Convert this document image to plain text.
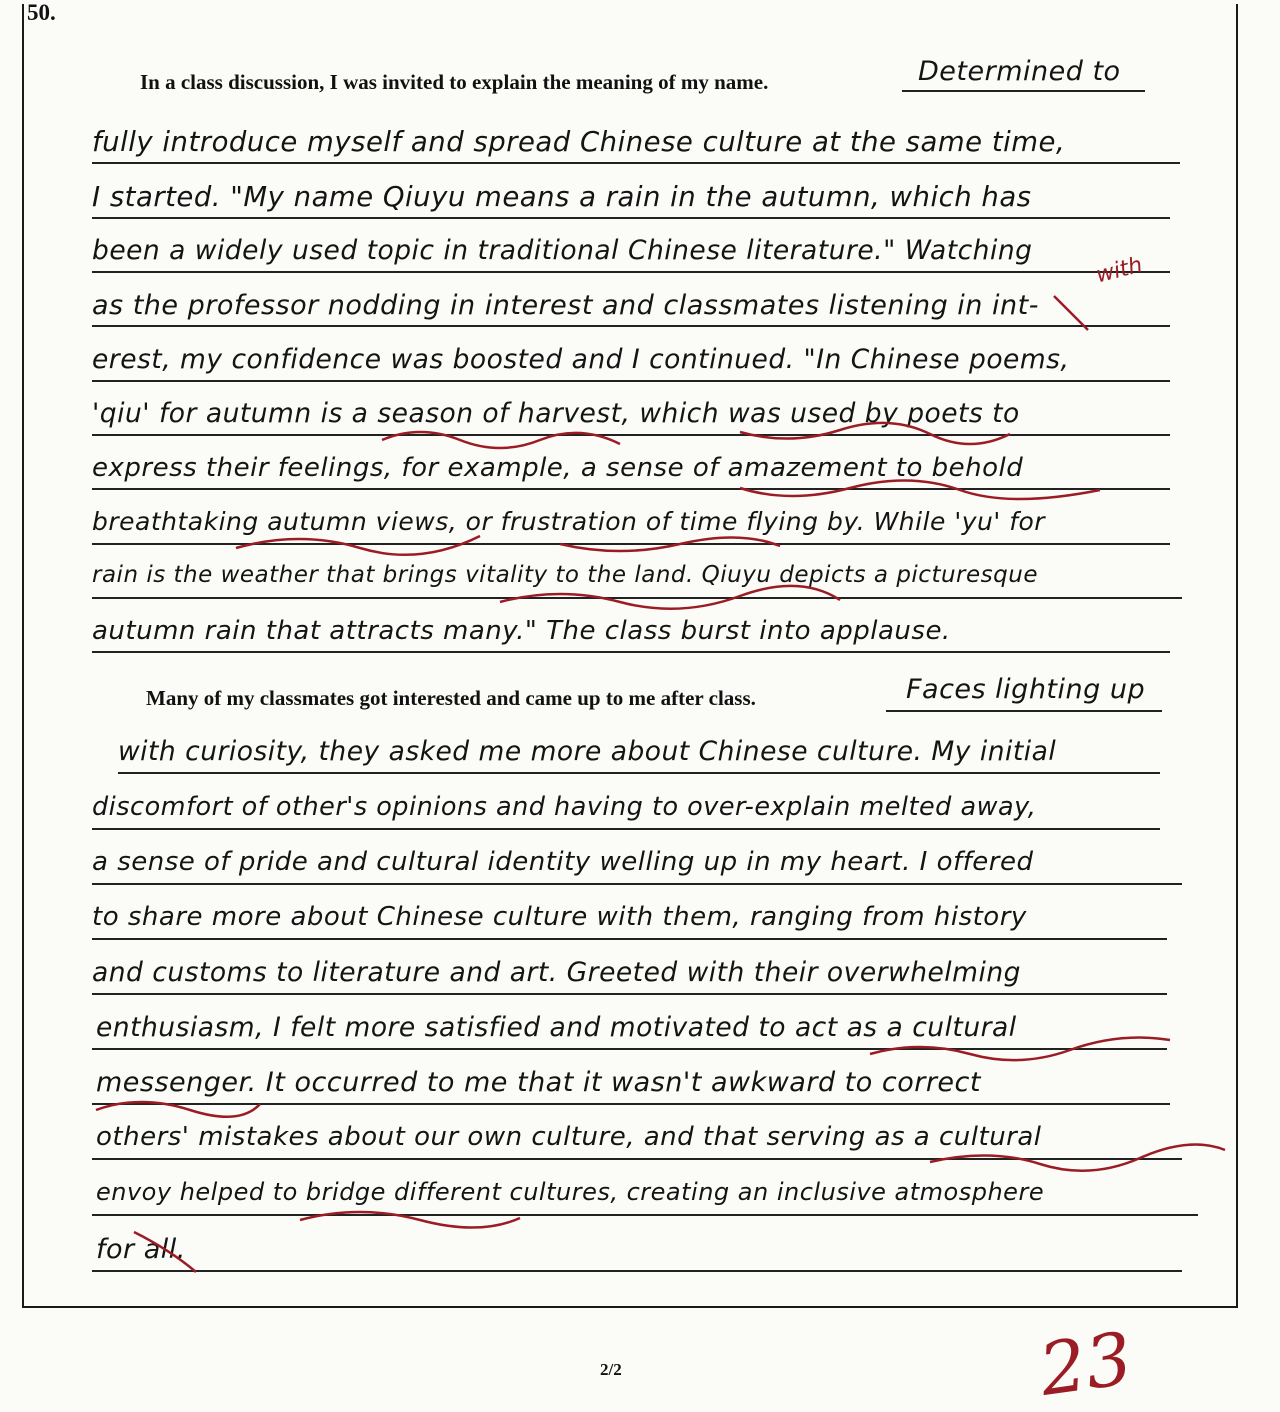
50.
In a class discussion, I was invited to explain the meaning of my name.	Determined to
fully introduce myself and spread Chinese culture at the same time,
I started. "My name Qiuyu means a rain in the autumn, which has
been a widely used topic in traditional Chinese literature." Watching
as the professor nodding in interest and classmates listening in int-
erest, my confidence was boosted and I continued. "In Chinese poems,
'qiu' for autumn is a season of harvest, which was used by poets to
express their feelings, for example, a sense of amazement to behold
breathtaking autumn views, or frustration of time flying by. While 'yu' for
rain is the weather that brings vitality to the land. Qiuyu depicts a picturesque
autumn rain that attracts many." The class burst into applause.
Many of my classmates got interested and came up to me after class.	Faces lighting up
with curiosity, they asked me more about Chinese culture. My initial
discomfort of other's opinions and having to over-explain melted away,
a sense of pride and cultural identity welling up in my heart. I offered
to share more about Chinese culture with them, ranging from history
and customs to literature and art. Greeted with their overwhelming
enthusiasm, I felt more satisfied and motivated to act as a cultural
messenger. It occurred to me that it wasn't awkward to correct
others' mistakes about our own culture, and that serving as a cultural
envoy helped to bridge different cultures, creating an inclusive atmosphere
for all.
with
23
2/2
